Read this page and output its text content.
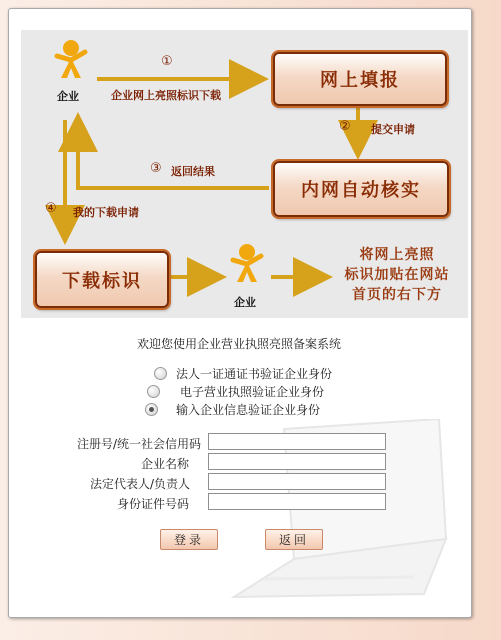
企业
①
企业网上亮照标识下载
网上填报
② 提交申请
内网自动核实
③ 返回结果
④ 我的下载申请
下载标识
企业
将网上亮照
标识加贴在网站
首页的右下方
欢迎您使用企业营业执照亮照备案系统
法人一证通证书验证企业身份
电子营业执照验证企业身份
输入企业信息验证企业身份
注册号/统一社会信用码
企业名称
法定代表人/负责人
身份证件号码
登录	返回
